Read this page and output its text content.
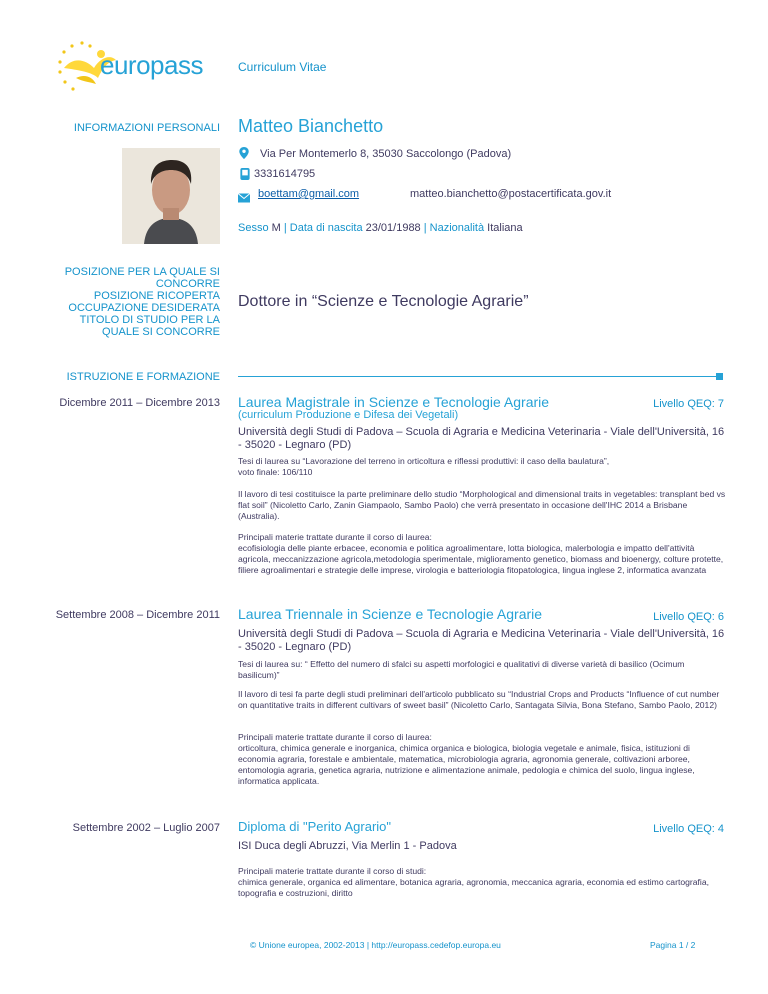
europass	Curriculum Vitae
INFORMAZIONI PERSONALI Matteo Bianchetto
Via Per Montemerlo 8, 35030 Saccolongo (Padova)
3331614795
boettam@gmail.com	matteo.bianchetto@postacertificata.gov.it
Sesso M | Data di nascita 23/01/1988 | Nazionalità Italiana
POSIZIONE PER LA QUALE SI
CONCORRE
POSIZIONE RICOPERTA
OCCUPAZIONE DESIDERATA
TITOLO DI STUDIO PER LA
QUALE SI CONCORRE
Dottore in “Scienze e Tecnologie Agrarie”
ISTRUZIONE E FORMAZIONE
Dicembre 2011 – Dicembre 2013 Laurea Magistrale in Scienze e Tecnologie Agrarie	Livello QEQ: 7
(curriculum Produzione e Difesa dei Vegetali)
Università degli Studi di Padova – Scuola di Agraria e Medicina Veterinaria - Viale dell'Università, 16 - 35020 - Legnaro (PD)
Tesi di laurea su “Lavorazione del terreno in orticoltura e riflessi produttivi: il caso della baulatura”,
voto finale: 106/110
Il lavoro di tesi costituisce la parte preliminare dello studio “Morphological and dimensional traits in vegetables: transplant bed vs flat soil” (Nicoletto Carlo, Zanin Giampaolo, Sambo Paolo) che verrà presentato in occasione dell'IHC 2014 a Brisbane (Australia).
Principali materie trattate durante il corso di laurea:
ecofisiologia delle piante erbacee, economia e politica agroalimentare, lotta biologica, malerbologia e impatto dell'attività agricola, meccanizzazione agricola,metodologia sperimentale, miglioramento genetico, biomass and bioenergy, colture protette, filiere agroalimentari e strategie delle imprese, virologia e batteriologia fitopatologica, lingua inglese 2, informatica avanzata
Settembre 2008 – Dicembre 2011 Laurea Triennale in Scienze e Tecnologie Agrarie	Livello QEQ: 6
Università degli Studi di Padova – Scuola di Agraria e Medicina Veterinaria - Viale dell'Università, 16 - 35020 - Legnaro (PD)
Tesi di laurea su: “ Effetto del numero di sfalci su aspetti morfologici e qualitativi di diverse varietà di basilico (Ocimum basilicum)”
Il lavoro di tesi fa parte degli studi preliminari dell'articolo pubblicato su “Industrial Crops and Products “Influence of cut number on quantitative traits in different cultivars of sweet basil” (Nicoletto Carlo, Santagata Silvia, Bona Stefano, Sambo Paolo, 2012)
Principali materie trattate durante il corso di laurea:
orticoltura, chimica generale e inorganica, chimica organica e biologica, biologia vegetale e animale, fisica, istituzioni di economia agraria, forestale e ambientale, matematica, microbiologia agraria, agronomia generale, coltivazioni arboree, entomologia agraria, genetica agraria, nutrizione e alimentazione animale, pedologia e chimica del suolo, lingua inglese, informatica applicata.
Settembre 2002 – Luglio 2007 Diploma di "Perito Agrario"	Livello QEQ: 4
ISI Duca degli Abruzzi, Via Merlin 1 - Padova
Principali materie trattate durante il corso di studi:
chimica generale, organica ed alimentare, botanica agraria, agronomia, meccanica agraria, economia ed estimo cartografia, topografia e costruzioni, diritto
© Unione europea, 2002-2013 | http://europass.cedefop.europa.eu	Pagina 1 / 2
